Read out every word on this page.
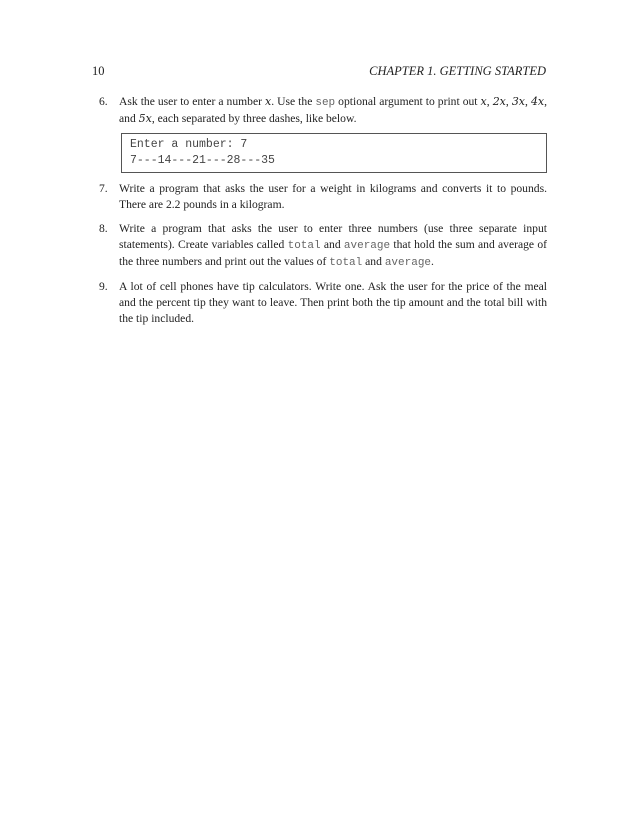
10	CHAPTER 1. GETTING STARTED
6. Ask the user to enter a number x. Use the sep optional argument to print out x, 2x, 3x, 4x, and 5x, each separated by three dashes, like below.
Enter a number: 7
7---14---21---28---35
7. Write a program that asks the user for a weight in kilograms and converts it to pounds. There are 2.2 pounds in a kilogram.
8. Write a program that asks the user to enter three numbers (use three separate input statements). Create variables called total and average that hold the sum and average of the three numbers and print out the values of total and average.
9. A lot of cell phones have tip calculators. Write one. Ask the user for the price of the meal and the percent tip they want to leave. Then print both the tip amount and the total bill with the tip included.
